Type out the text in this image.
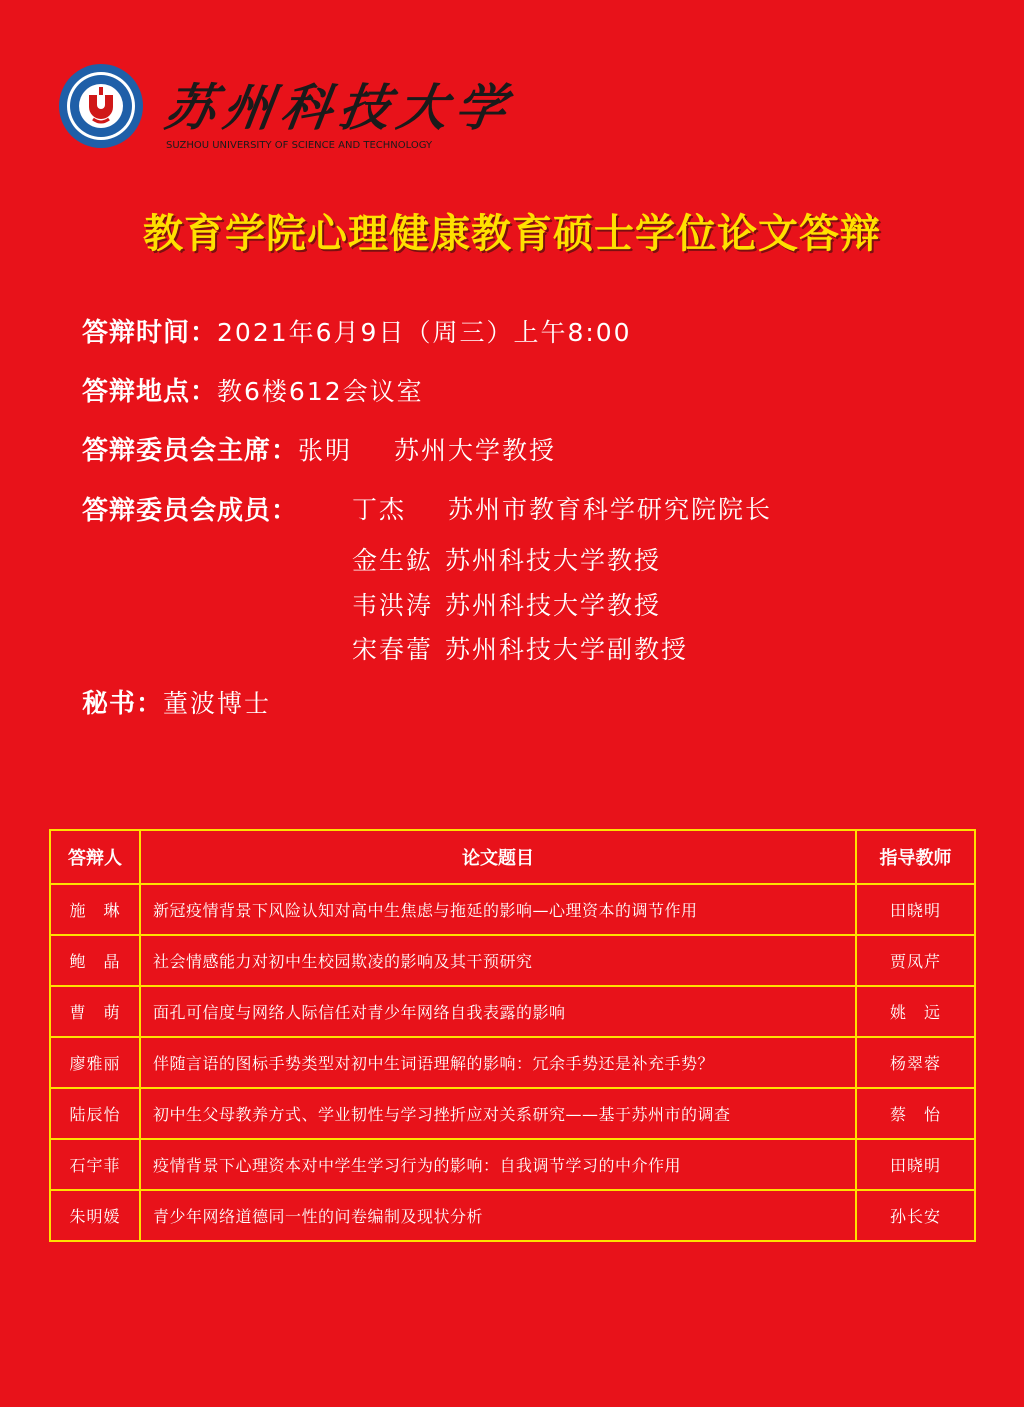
苏州科技大学
SUZHOU UNIVERSITY OF SCIENCE AND TECHNOLOGY
教育学院心理健康教育硕士学位论文答辩
答辩时间：2021年6月9日（周三）上午8:00
答辩地点：教6楼612会议室
答辩委员会主席：张明 苏州大学教授
答辩委员会成员： 丁杰 苏州市教育科学研究院院长
金生鈜 苏州科技大学教授
韦洪涛 苏州科技大学教授
宋春蕾 苏州科技大学副教授
秘书：董波博士
答辩人	论文题目	指导教师
施　琳	新冠疫情背景下风险认知对高中生焦虑与拖延的影响—心理资本的调节作用	田晓明
鲍　晶	社会情感能力对初中生校园欺凌的影响及其干预研究	贾凤芹
曹　萌	面孔可信度与网络人际信任对青少年网络自我表露的影响	姚　远
廖雅丽	伴随言语的图标手势类型对初中生词语理解的影响：冗余手势还是补充手势？	杨翠蓉
陆辰怡	初中生父母教养方式、学业韧性与学习挫折应对关系研究——基于苏州市的调查	蔡　怡
石宇菲	疫情背景下心理资本对中学生学习行为的影响：自我调节学习的中介作用	田晓明
朱明媛	青少年网络道德同一性的问卷编制及现状分析	孙长安
